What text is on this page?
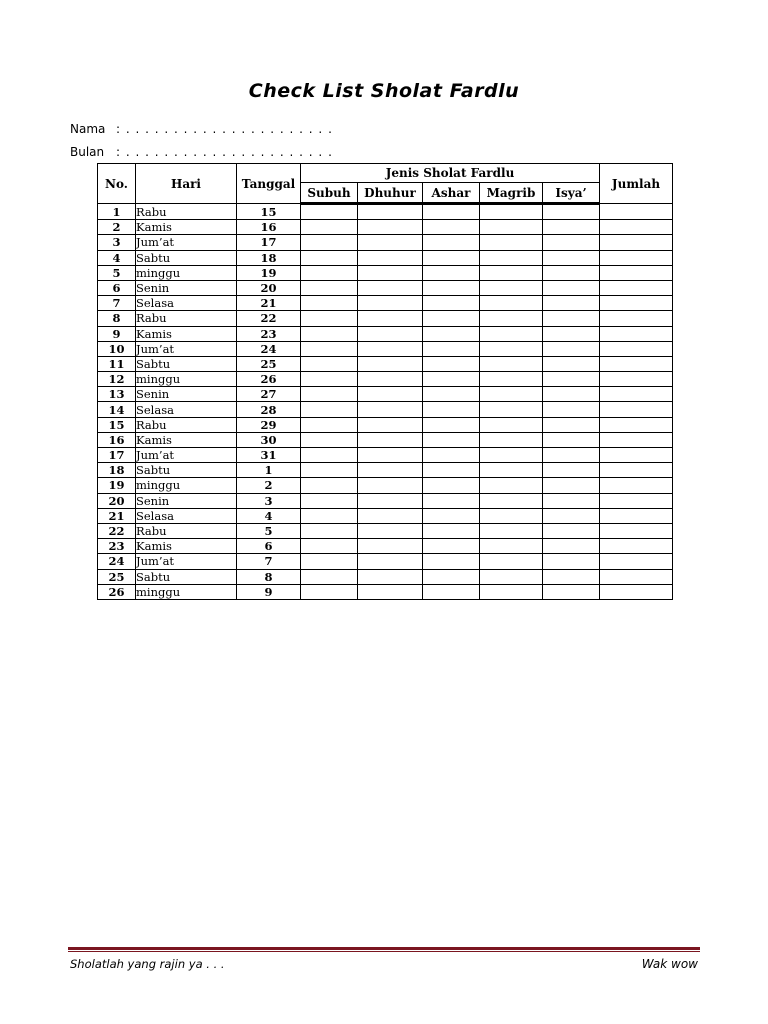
Check List Sholat Fardlu
Nama : . . . . . . . . . . . . . . . . . . . . . .
Bulan : . . . . . . . . . . . . . . . . . . . . . .
No.	Hari	Tanggal	Jenis Sholat Fardlu					Jumlah
			Subuh	Dhuhur	Ashar	Magrib	Isya’	
1	Rabu	15						
2	Kamis	16						
3	Jum’at	17						
4	Sabtu	18						
5	minggu	19						
6	Senin	20						
7	Selasa	21						
8	Rabu	22						
9	Kamis	23						
10	Jum’at	24						
11	Sabtu	25						
12	minggu	26						
13	Senin	27						
14	Selasa	28						
15	Rabu	29						
16	Kamis	30						
17	Jum’at	31						
18	Sabtu	1						
19	minggu	2						
20	Senin	3						
21	Selasa	4						
22	Rabu	5						
23	Kamis	6						
24	Jum’at	7						
25	Sabtu	8						
26	minggu	9						
Sholatlah yang rajin ya . . .	Wak wow
